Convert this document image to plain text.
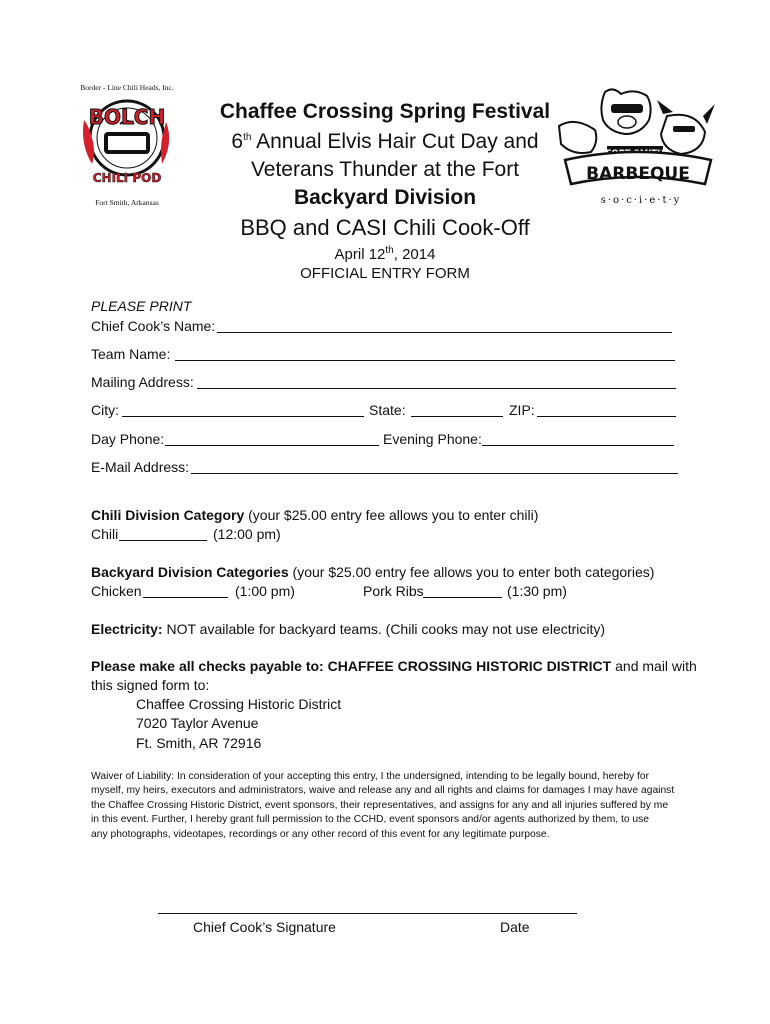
Border - Line Chili Heads, Inc.
BOLCH
CHILI POD
Fort Smith, Arkansas
BARBEQUE
s·o·c·i·e·t·y
Chaffee Crossing Spring Festival
6th Annual Elvis Hair Cut Day and
Veterans Thunder at the Fort
Backyard Division
BBQ and CASI Chili Cook-Off
April 12th, 2014
OFFICIAL ENTRY FORM
PLEASE PRINT
Chief Cook’s Name:
Team Name:
Mailing Address:
City:	State:	ZIP:
Day Phone:	Evening Phone:
E-Mail Address:
Chili Division Category (your $25.00 entry fee allows you to enter chili)
Chili	(12:00 pm)
Backyard Division Categories (your $25.00 entry fee allows you to enter both categories)
Chicken	(1:00 pm)	Pork Ribs	(1:30 pm)
Electricity: NOT available for backyard teams. (Chili cooks may not use electricity)
Please make all checks payable to: CHAFFEE CROSSING HISTORIC DISTRICT and mail with
this signed form to:
Chaffee Crossing Historic District
7020 Taylor Avenue
Ft. Smith, AR 72916
Waiver of Liability: In consideration of your accepting this entry, I the undersigned, intending to be legally bound, hereby for
myself, my heirs, executors and administrators, waive and release any and all rights and claims for damages I may have against
the Chaffee Crossing Historic District, event sponsors, their representatives, and assigns for any and all injuries suffered by me
in this event. Further, I hereby grant full permission to the CCHD, event sponsors and/or agents authorized by them, to use
any photographs, videotapes, recordings or any other record of this event for any legitimate purpose.
Chief Cook’s Signature	Date
